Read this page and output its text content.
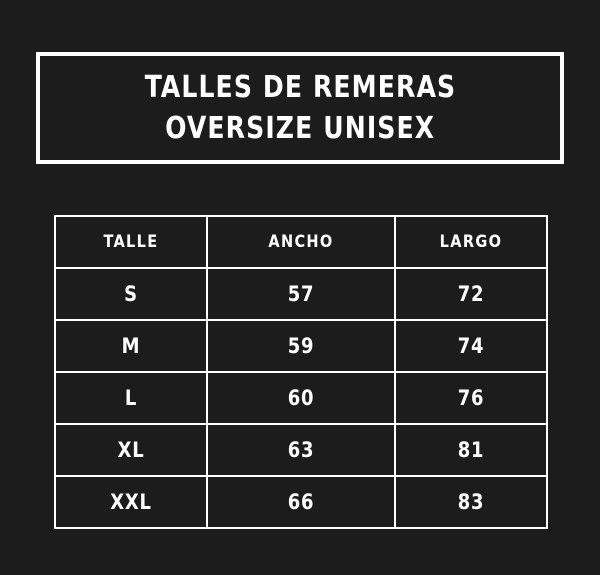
TALLES DE REMERAS
OVERSIZE UNISEX
TALLE	ANCHO	LARGO
S	57	72
M	59	74
L	60	76
XL	63	81
XXL	66	83
